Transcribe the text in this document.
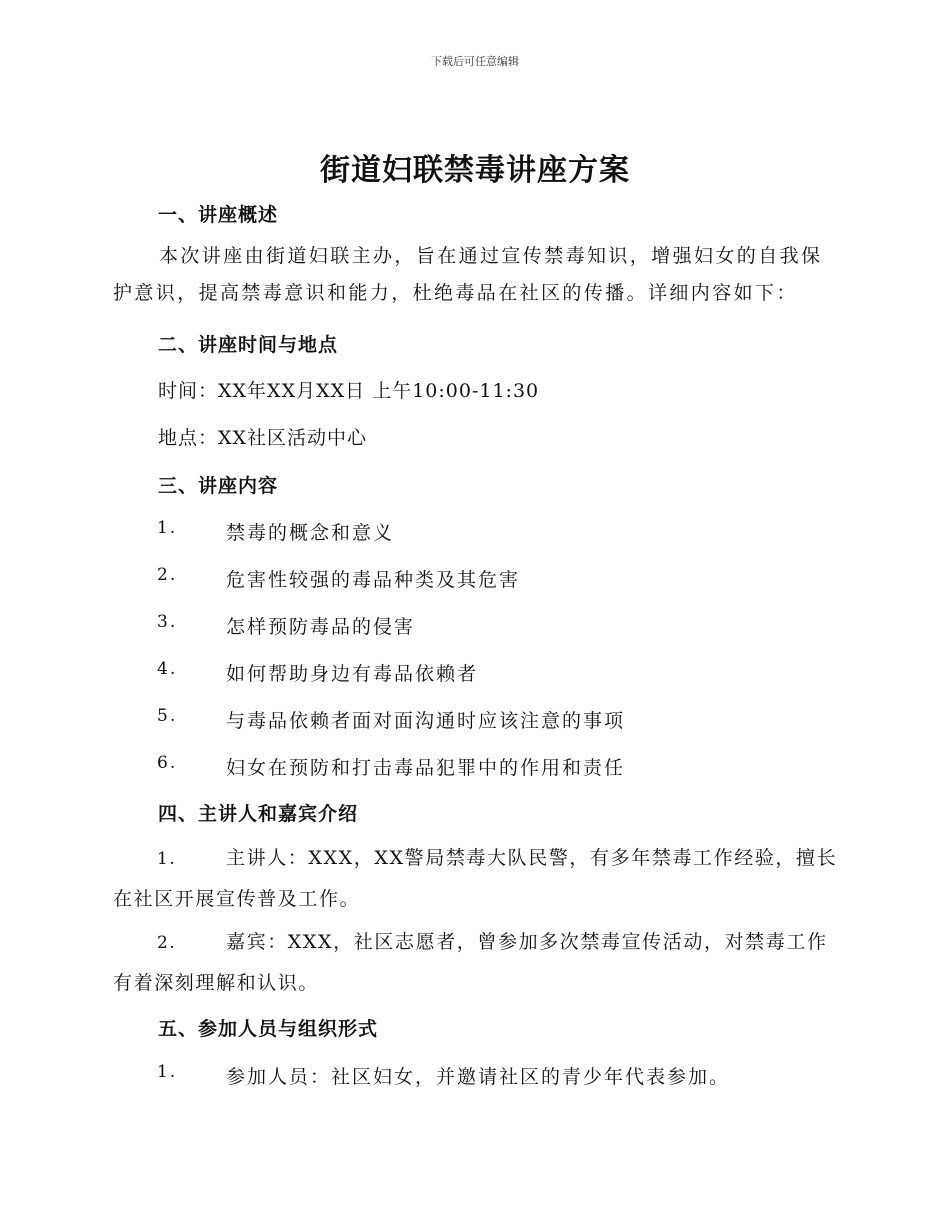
下载后可任意编辑
街道妇联禁毒讲座方案
一、讲座概述
本次讲座由街道妇联主办，旨在通过宣传禁毒知识，增强妇女的自我保护意识，提高禁毒意识和能力，杜绝毒品在社区的传播。详细内容如下：
二、讲座时间与地点
时间：XX年XX月XX日 上午10:00-11:30
地点：XX社区活动中心
三、讲座内容
1.	禁毒的概念和意义
2.	危害性较强的毒品种类及其危害
3.	怎样预防毒品的侵害
4.	如何帮助身边有毒品依赖者
5.	与毒品依赖者面对面沟通时应该注意的事项
6.	妇女在预防和打击毒品犯罪中的作用和责任
四、主讲人和嘉宾介绍
1.	主讲人：XXX，XX警局禁毒大队民警，有多年禁毒工作经验，擅长在社区开展宣传普及工作。
2.	嘉宾：XXX，社区志愿者，曾参加多次禁毒宣传活动，对禁毒工作有着深刻理解和认识。
五、参加人员与组织形式
1.	参加人员：社区妇女，并邀请社区的青少年代表参加。
